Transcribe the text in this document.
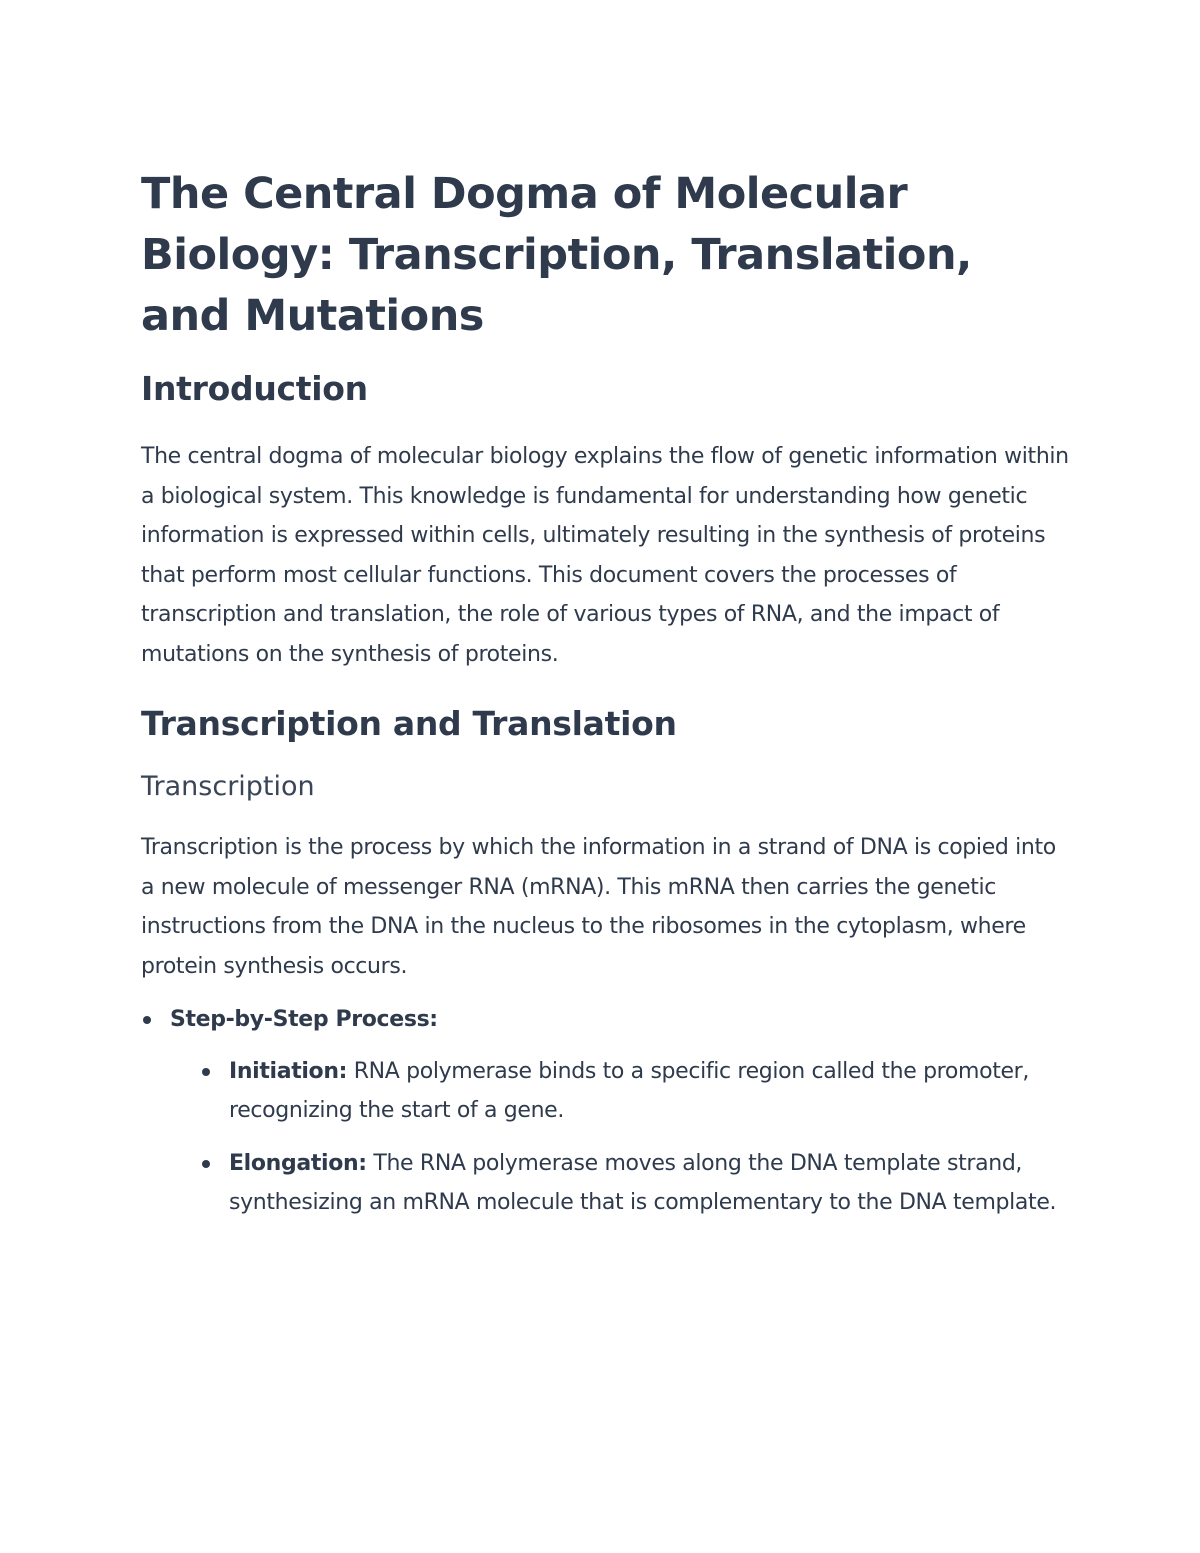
The Central Dogma of Molecular Biology: Transcription, Translation, and Mutations
Introduction

The central dogma of molecular biology explains the flow of genetic information within a biological system. This knowledge is fundamental for understanding how genetic information is expressed within cells, ultimately resulting in the synthesis of proteins that perform most cellular functions. This document covers the processes of transcription and translation, the role of various types of RNA, and the impact of mutations on the synthesis of proteins.

Transcription and Translation
Transcription

Transcription is the process by which the information in a strand of DNA is copied into a new molecule of messenger RNA (mRNA). This mRNA then carries the genetic instructions from the DNA in the nucleus to the ribosomes in the cytoplasm, where protein synthesis occurs.

Step-by-Step Process:
Initiation: RNA polymerase binds to a specific region called the promoter, recognizing the start of a gene.
Elongation: The RNA polymerase moves along the DNA template strand, synthesizing an mRNA molecule that is complementary to the DNA template.
